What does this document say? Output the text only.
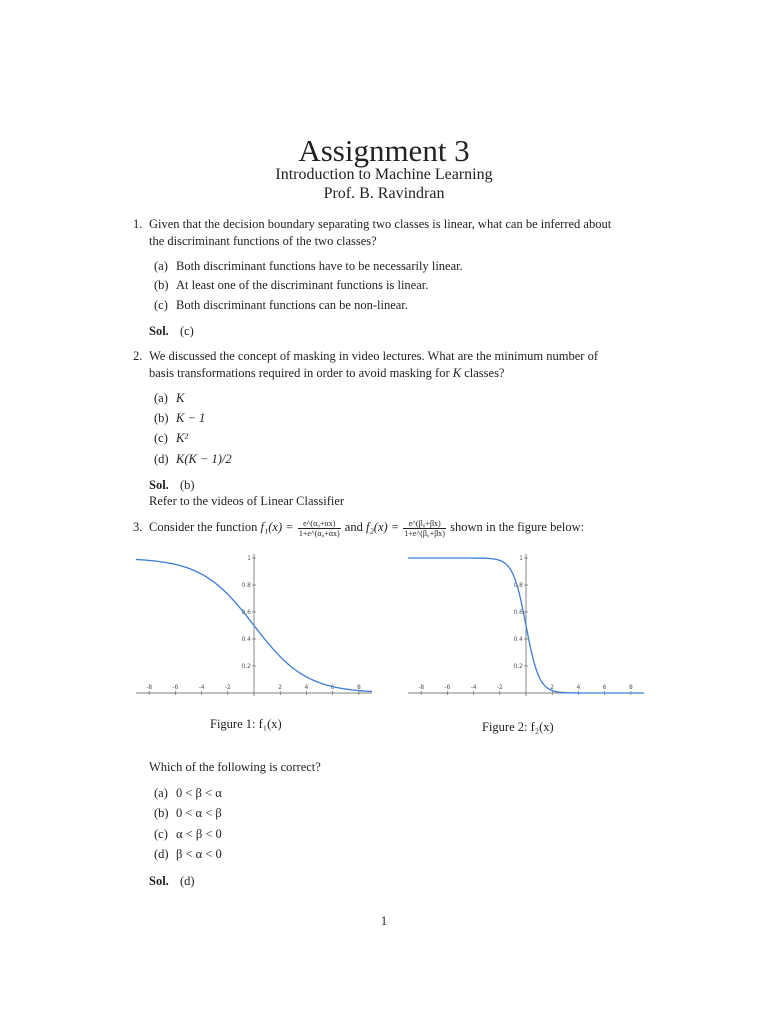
Assignment 3
Introduction to Machine Learning
Prof. B. Ravindran
1. Given that the decision boundary separating two classes is linear, what can be inferred about
the discriminant functions of the two classes?
(a) Both discriminant functions have to be necessarily linear.
(b) At least one of the discriminant functions is linear.
(c) Both discriminant functions can be non-linear.
Sol. (c)
2. We discussed the concept of masking in video lectures. What are the minimum number of
basis transformations required in order to avoid masking for K classes?
(a) K
(b) K − 1
(c) K²
(d) K(K − 1)/2
Sol. (b)
Refer to the videos of Linear Classifier
3. Consider the function $f_1(x) = \frac{\text{e\textasciicircum{}(α₀+αx)}}{\text{1+e\textasciicircum{}(α₀+αx)}}$ and $f_2(x) = \frac{\text{e\textasciicircum{}(β₀+βx)}}{\text{1+e\textasciicircum{}(β₀+βx)}}$ shown in the figure below:
-8	-6	-4	-2	2	4	6	8
0.2
0.4
0.6
0.8
1
Figure 1: f₁(x)
-8	-6	-4	-2	2	4	6	8
0.2
0.4
0.6
0.8
1
Figure 2: f₂(x)
Which of the following is correct?
(a) 0 < β < α
(b) 0 < α < β
(c) α < β < 0
(d) β < α < 0
Sol. (d)
1
